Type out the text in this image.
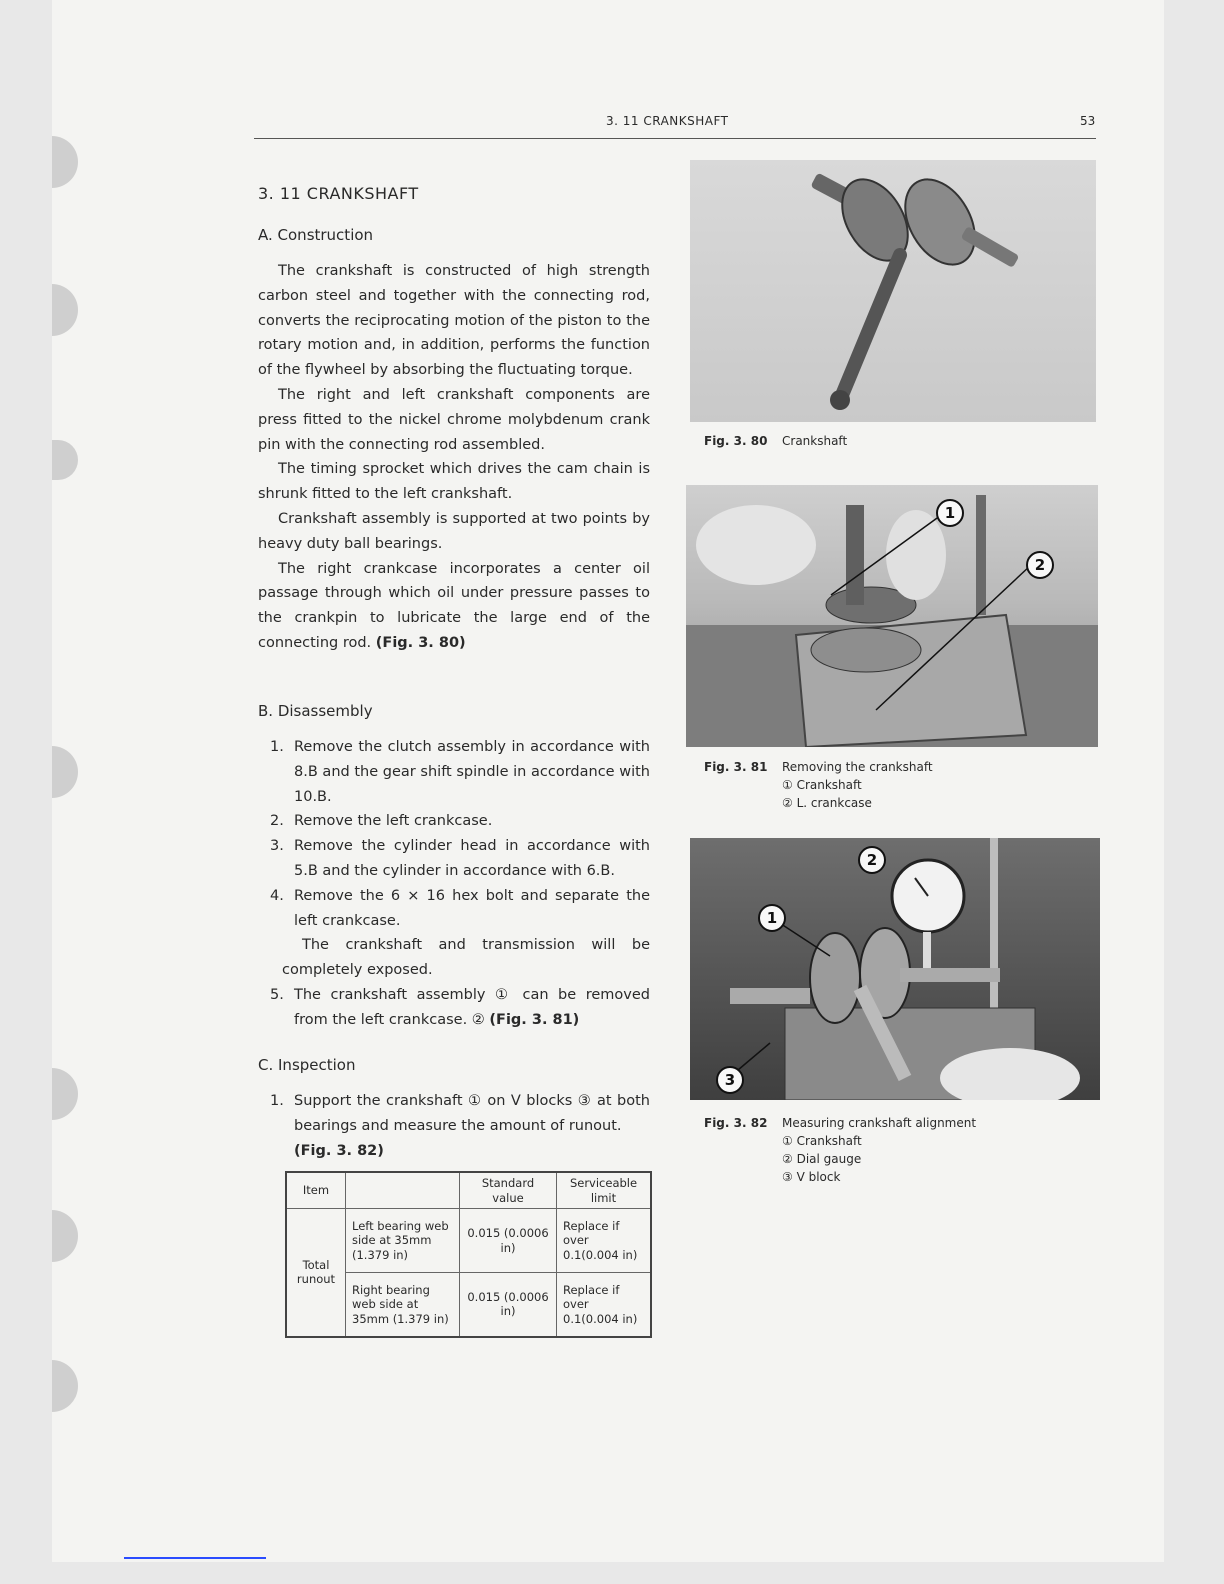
3. 11 CRANKSHAFT	53
3. 11 CRANKSHAFT
A. Construction

The crankshaft is constructed of high strength carbon steel and together with the connecting rod, converts the reciprocating motion of the piston to the rotary motion and, in addition, performs the function of the flywheel by absorbing the fluctuating torque.

The right and left crankshaft components are press fitted to the nickel chrome molybdenum crank pin with the connecting rod assembled.

The timing sprocket which drives the cam chain is shrunk fitted to the left crankshaft.

Crankshaft assembly is supported at two points by heavy duty ball bearings.

The right crankcase incorporates a center oil passage through which oil under pressure passes to the crankpin to lubricate the large end of the connecting rod. (Fig. 3. 80)

B. Disassembly
1. Remove the clutch assembly in accordance with 8.B and the gear shift spindle in accordance with 10.B.
2. Remove the left crankcase.
3. Remove the cylinder head in accordance with 5.B and the cylinder in accordance with 6.B.
4. Remove the 6 × 16 hex bolt and separate the left crankcase.

The crankshaft and transmission will be completely exposed.

5. The crankshaft assembly ① can be removed from the left crankcase. ② (Fig. 3. 81)
C. Inspection
1. Support the crankshaft ① on V blocks ③ at both bearings and measure the amount of runout.
(Fig. 3. 82)
Item		Standard value	Serviceable limit
Total runout	Left bearing web side at 35mm (1.379 in)	0.015 (0.0006 in)	Replace if over 0.1(0.004 in)
	Right bearing web side at 35mm (1.379 in)	0.015 (0.0006 in)	Replace if over 0.1(0.004 in)
Fig. 3. 80 Crankshaft
1
2
Fig. 3. 81 Removing the crankshaft
① Crankshaft
② L. crankcase
2
1
3
Fig. 3. 82 Measuring crankshaft alignment
① Crankshaft
② Dial gauge
③ V block
